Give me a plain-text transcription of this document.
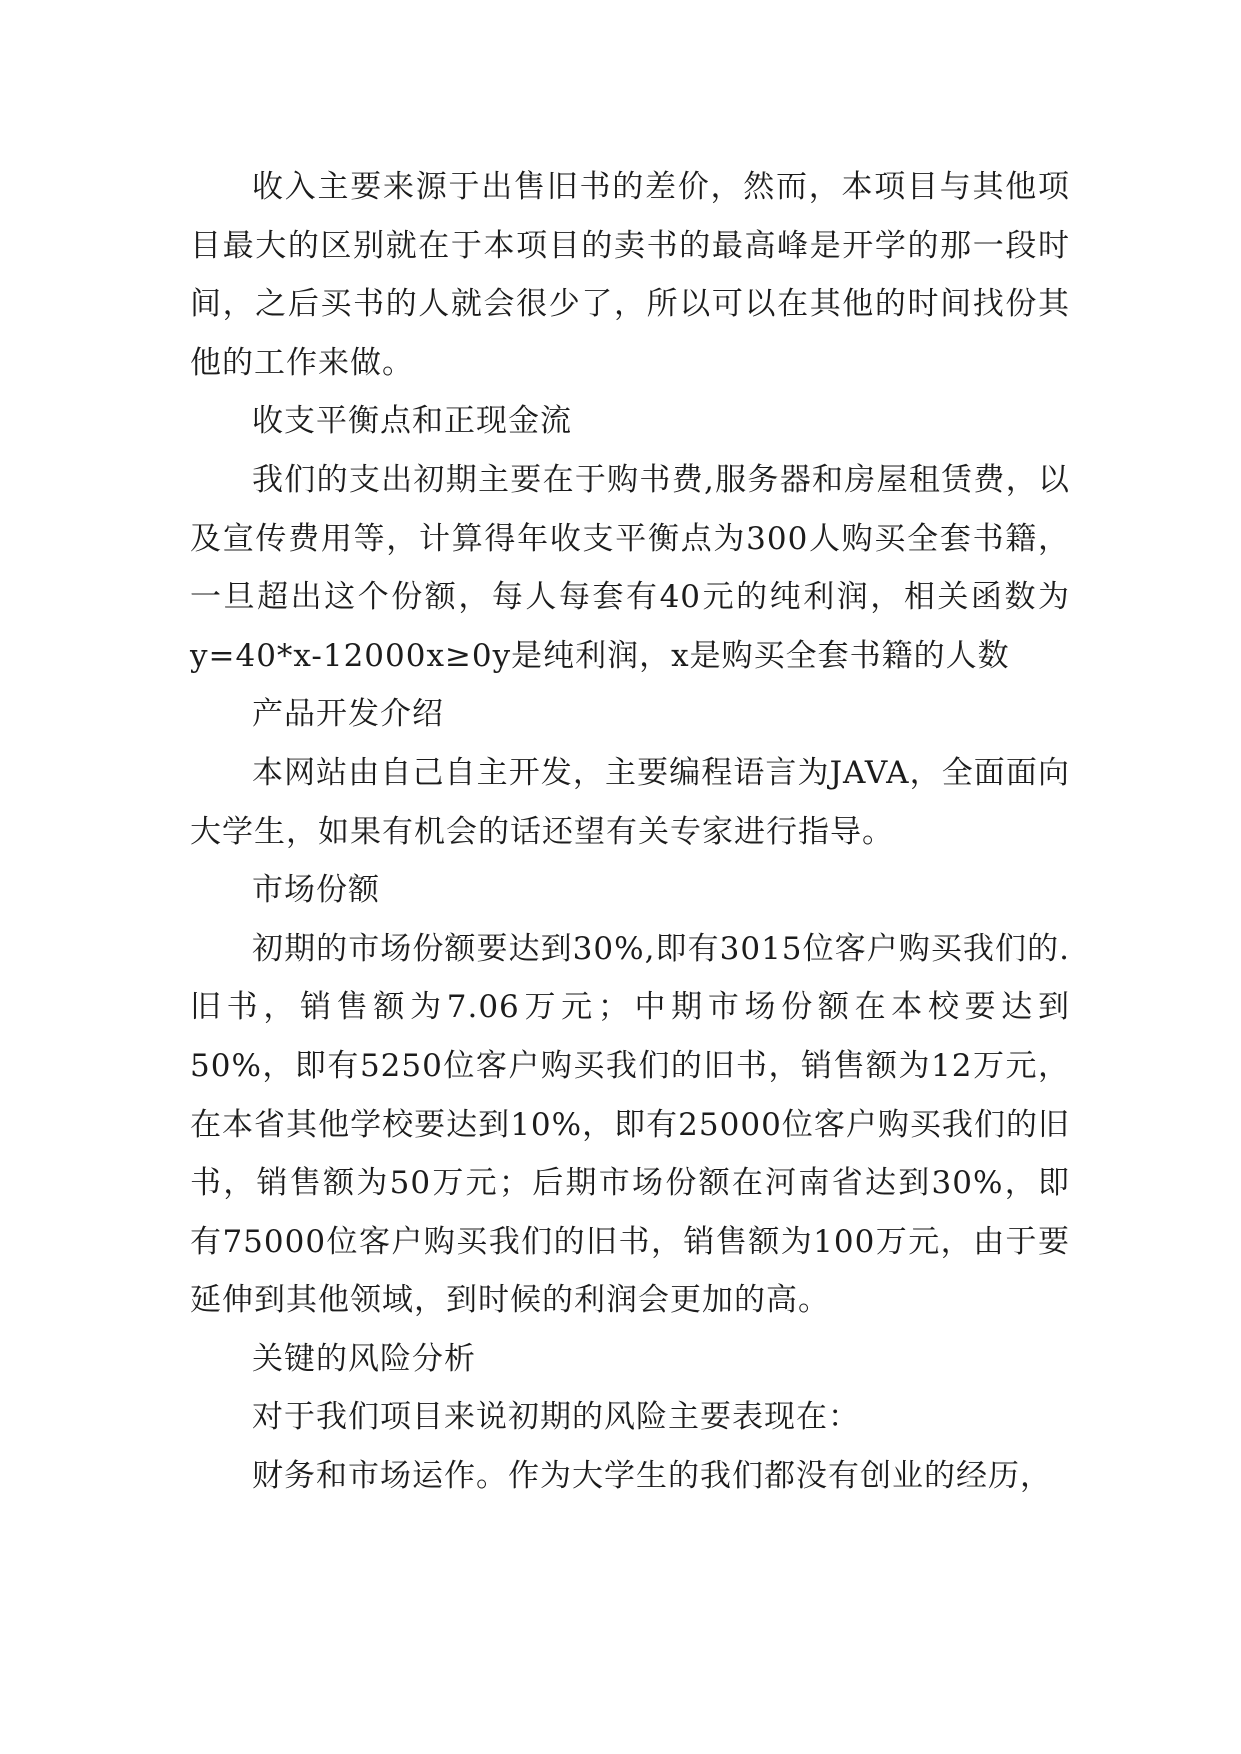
收入主要来源于出售旧书的差价，然而，本项目与其他项目最大的区别就在于本项目的卖书的最高峰是开学的那一段时间，之后买书的人就会很少了，所以可以在其他的时间找份其他的工作来做。

收支平衡点和正现金流

我们的支出初期主要在于购书费,服务器和房屋租赁费，以及宣传费用等，计算得年收支平衡点为300人购买全套书籍，一旦超出这个份额，每人每套有40元的纯利润，相关函数为y=40*x-12000x≥0y是纯利润，x是购买全套书籍的人数

产品开发介绍

本网站由自己自主开发，主要编程语言为JAVA，全面面向大学生，如果有机会的话还望有关专家进行指导。

市场份额

初期的市场份额要达到30%,即有3015位客户购买我们的.旧书，销售额为7.06万元；中期市场份额在本校要达到50%，即有5250位客户购买我们的旧书，销售额为12万元，在本省其他学校要达到10%，即有25000位客户购买我们的旧书，销售额为50万元；后期市场份额在河南省达到30%，即有75000位客户购买我们的旧书，销售额为100万元，由于要延伸到其他领域，到时候的利润会更加的高。

关键的风险分析

对于我们项目来说初期的风险主要表现在：

财务和市场运作。作为大学生的我们都没有创业的经历，
